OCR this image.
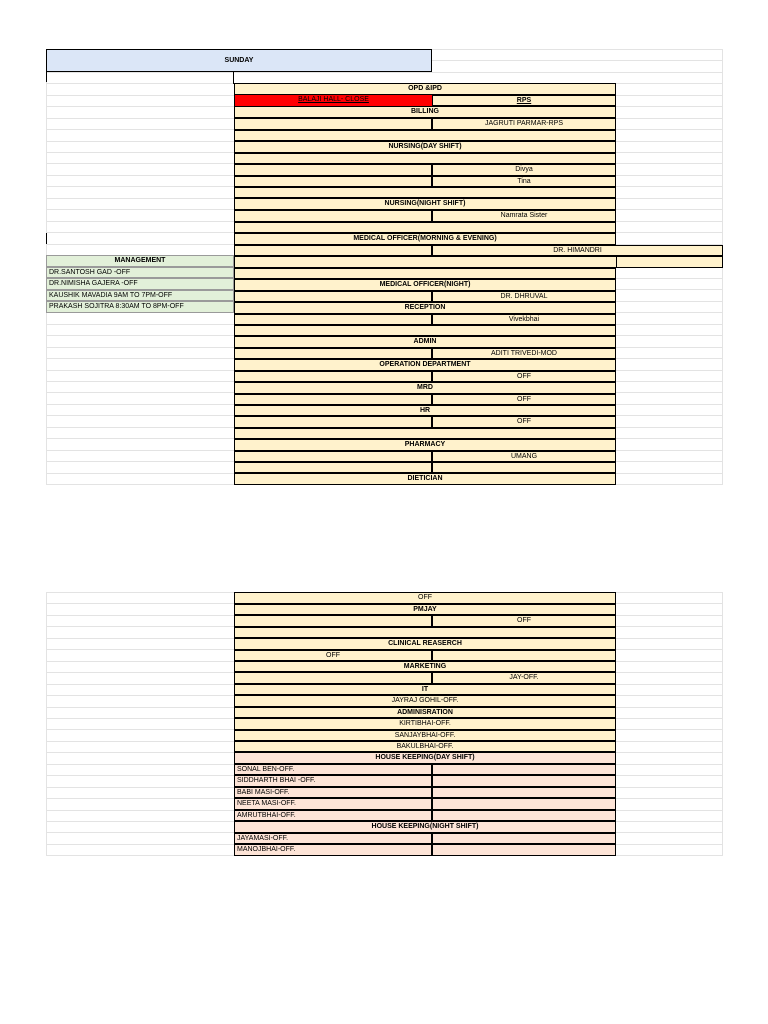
SUNDAY
OPD &IPD
BALAJI HALL- CLOSE	RPS
BILLING
JAGRUTI PARMAR-RPS
NURSING(DAY SHIFT)
Divya
Tina
NURSING(NIGHT SHIFT)
Namrata Sister
MEDICAL OFFICER(MORNING & EVENING)
DR. HIMANDRI
MEDICAL OFFICER(NIGHT)
DR. DHRUVAL
RECEPTION
Vivekbhai
ADMIN
ADITI TRIVEDI-MOD
OPERATION DEPARTMENT
OFF
MRD
OFF
HR
OFF
PHARMACY
UMANG
DIETICIAN
MANAGEMENT
DR.SANTOSH GAD -OFF
DR.NIMISHA GAJERA -OFF
KAUSHIK MAVADIA 9AM TO 7PM-OFF
PRAKASH SOJITRA 8:30AM TO 8PM-OFF
OFF
PMJAY
OFF
CLINICAL REASERCH
OFF
MARKETING
JAY-OFF.
IT
JAYRAJ GOHIL-OFF.
ADMINISRATION
KIRTIBHAI-OFF.
SANJAYBHAI-OFF.
BAKULBHAI-OFF.
HOUSE KEEPING(DAY SHIFT)
SONAL BEN-OFF.
SIDDHARTH BHAI -OFF.
BABI MASI-OFF.
NEETA MASI-OFF.
AMRUTBHAI-OFF.
HOUSE KEEPING(NIGHT SHIFT)
JAYAMASI-OFF.
MANOJBHAI-OFF.
